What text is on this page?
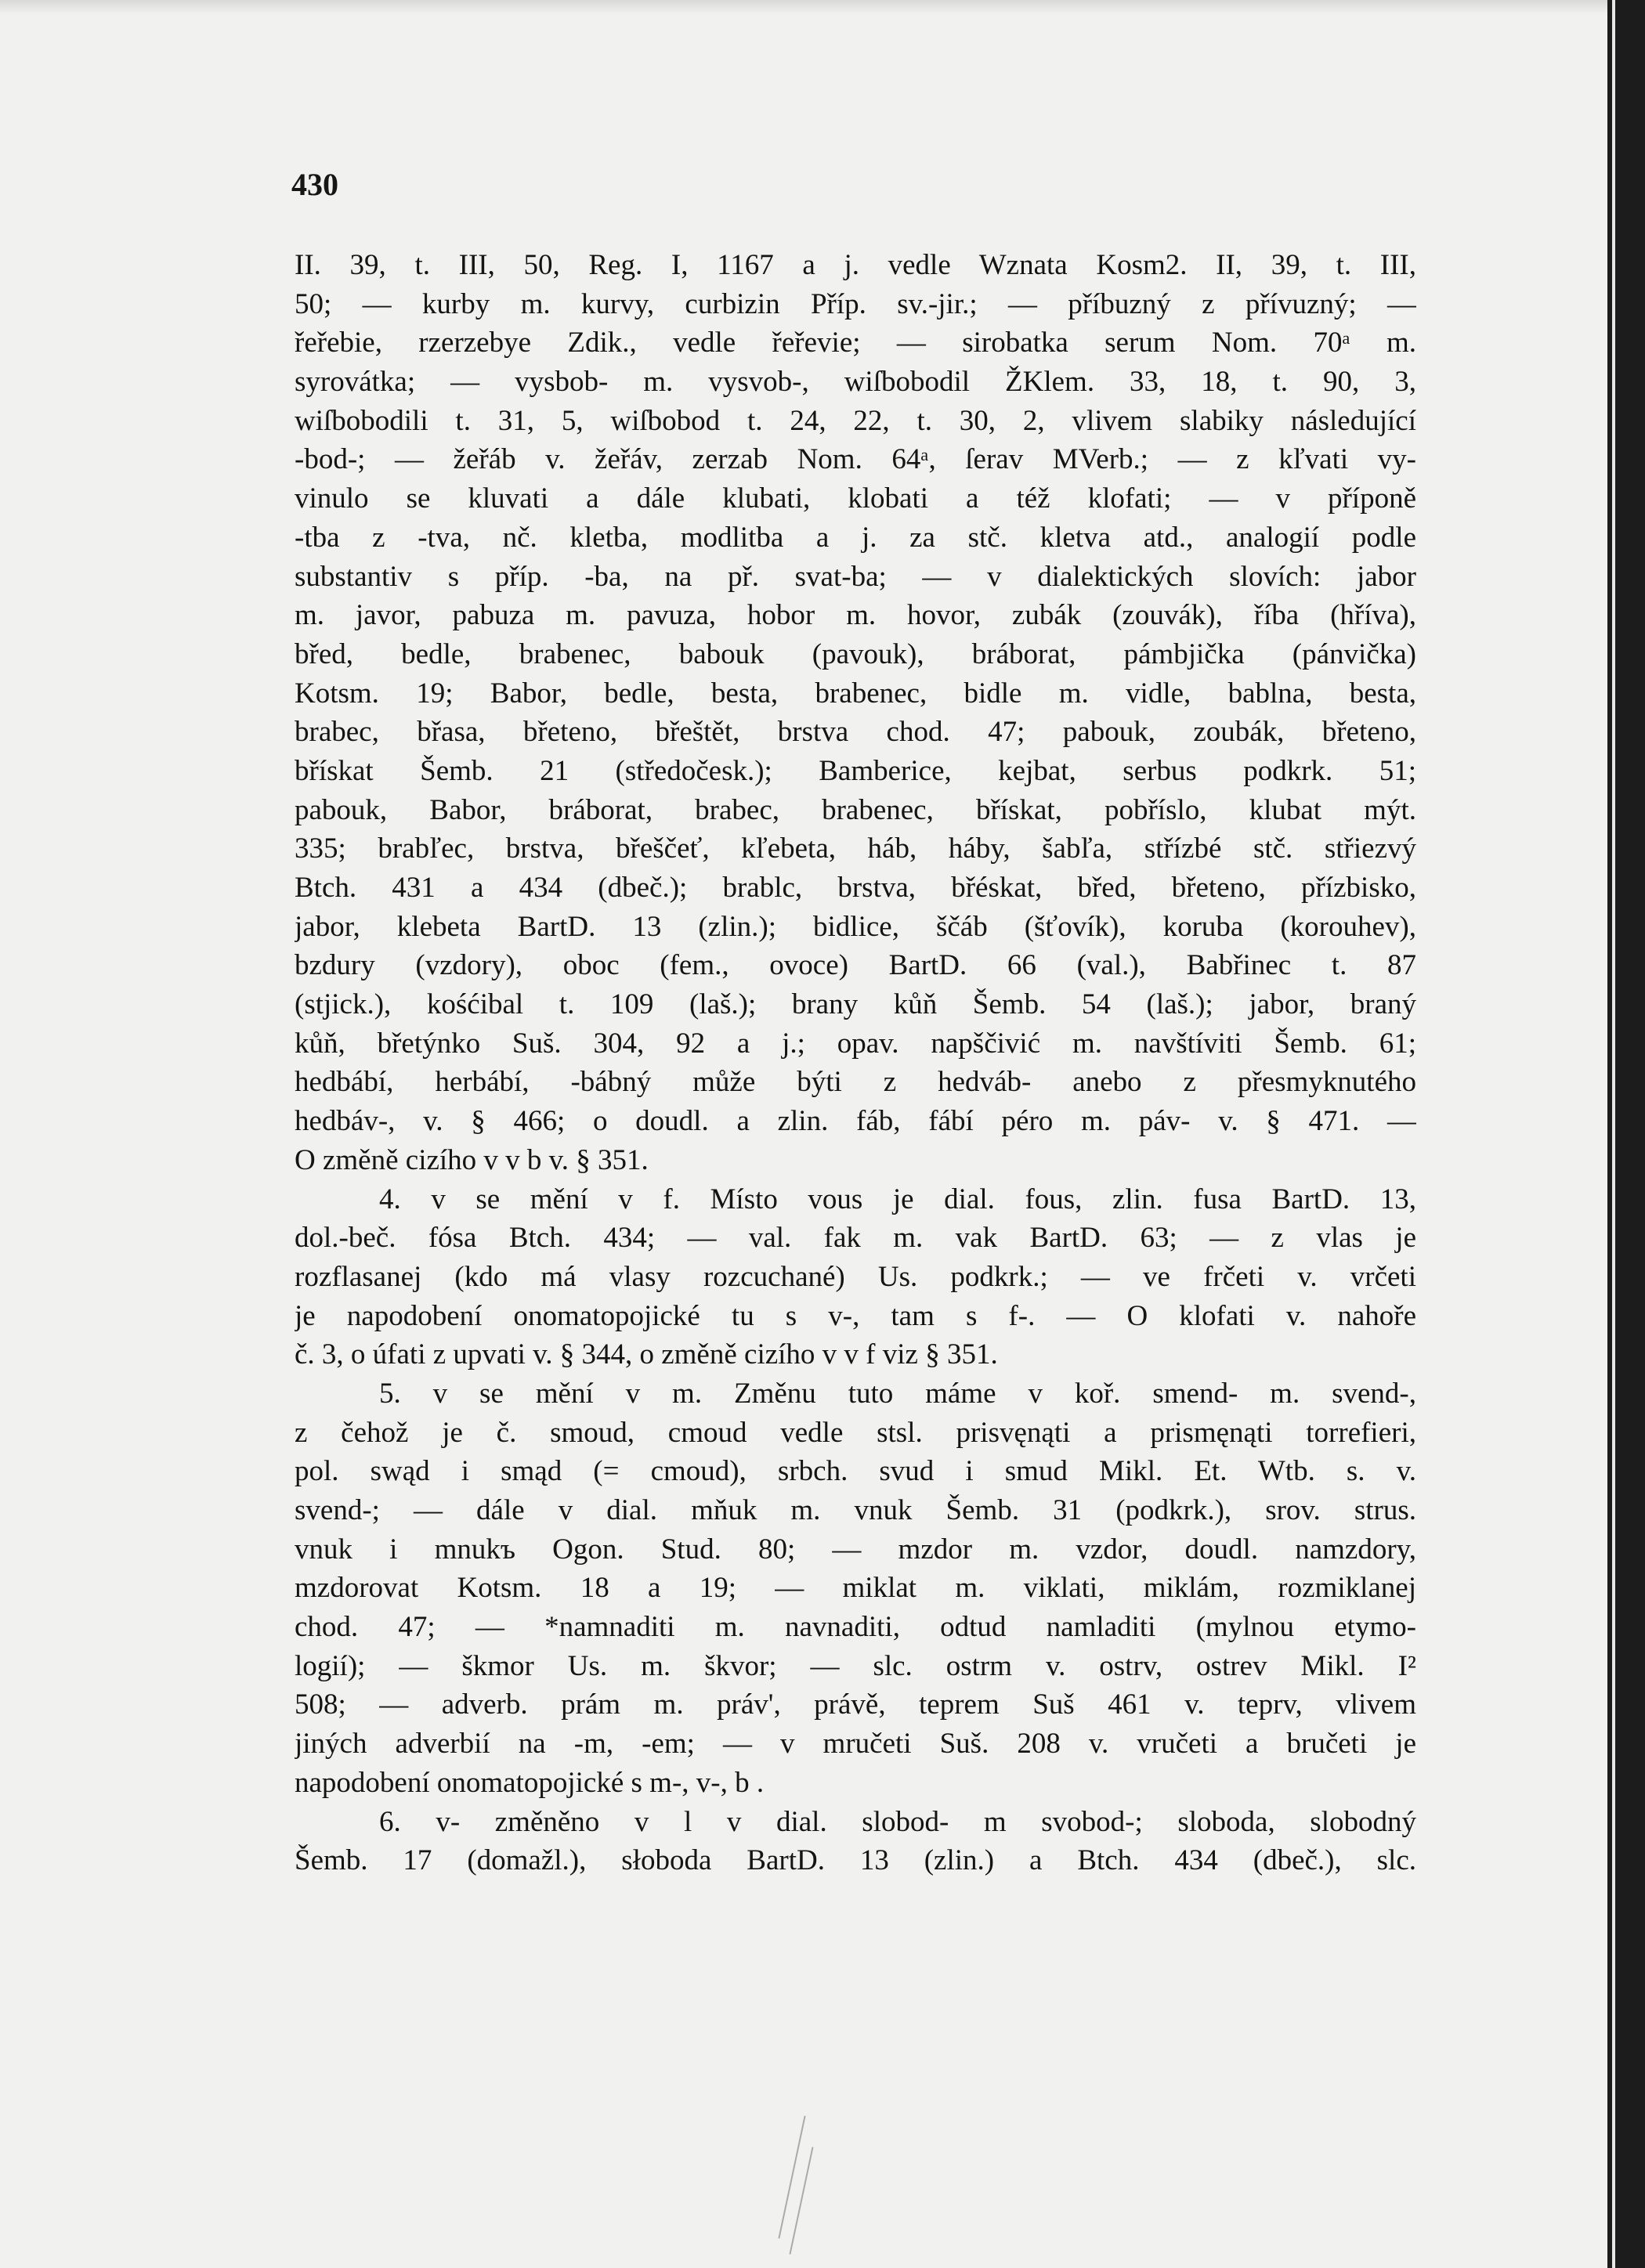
430
II. 39, t. III, 50, Reg. I, 1167 a j. vedle Wznata Kosm2. II, 39, t. III,
50; — kurby m. kurvy, curbizin Příp. sv.-jir.; — příbuzný z přívuzný; —
řeřebie, rzerzebye Zdik., vedle řeřevie; — sirobatka serum Nom. 70ᵃ m.
syrovátka; — vysbob- m. vysvob-, wiſbobodil ŽKlem. 33, 18, t. 90, 3,
wiſbobodili t. 31, 5, wiſbobod t. 24, 22, t. 30, 2, vlivem slabiky následující
-bod-; — žeřáb v. žeřáv, zerzab Nom. 64ᵃ, ſerav MVerb.; — z kľvati vy-
vinulo se kluvati a dále klubati, klobati a též klofati; — v příponě
-tba z -tva, nč. kletba, modlitba a j. za stč. kletva atd., analogií podle
substantiv s příp. -ba, na př. svat-ba; — v dialektických slovích: jabor
m. javor, pabuza m. pavuza, hobor m. hovor, zubák (zouvák), říba (hříva),
břed, bedle, brabenec, babouk (pavouk), bráborat, pámbjička (pánvička)
Kotsm. 19; Babor, bedle, besta, brabenec, bidle m. vidle, bablna, besta,
brabec, břasa, břeteno, břeštět, brstva chod. 47; pabouk, zoubák, břeteno,
břískat Šemb. 21 (středočesk.); Bamberice, kejbat, serbus podkrk. 51;
pabouk, Babor, bráborat, brabec, brabenec, břískat, pobříslo, klubat mýt.
335; brabľec, brstva, břeščeť, kľebeta, háb, háby, šabľa, střízbé stč. střiezvý
Btch. 431 a 434 (dbeč.); brablc, brstva, břéskat, břed, břeteno, přízbisko,
jabor, klebeta BartD. 13 (zlin.); bidlice, ščáb (šťovík), koruba (korouhev),
bzdury (vzdory), oboc (fem., ovoce) BartD. 66 (val.), Babřinec t. 87
(stjick.), kośćibal t. 109 (laš.); brany kůň Šemb. 54 (laš.); jabor, braný
kůň, břetýnko Suš. 304, 92 a j.; opav. napščivić m. navštíviti Šemb. 61;
hedbábí, herbábí, -bábný může býti z hedváb- anebo z přesmyknutého
hedbáv-, v. § 466; o doudl. a zlin. fáb, fábí péro m. páv- v. § 471. —
O změně cizího v v b v. § 351.
4. v se mění v f. Místo vous je dial. fous, zlin. fusa BartD. 13,
dol.-beč. fósa Btch. 434; — val. fak m. vak BartD. 63; — z vlas je
rozflasanej (kdo má vlasy rozcuchané) Us. podkrk.; — ve frčeti v. vrčeti
je napodobení onomatopojické tu s v-, tam s f-. — O klofati v. nahoře
č. 3, o úfati z upvati v. § 344, o změně cizího v v f viz § 351.
5. v se mění v m. Změnu tuto máme v koř. smend- m. svend-,
z čehož je č. smoud, cmoud vedle stsl. prisvęnąti a prismęnąti torrefieri,
pol. swąd i smąd (= cmoud), srbch. svud i smud Mikl. Et. Wtb. s. v.
svend-; — dále v dial. mňuk m. vnuk Šemb. 31 (podkrk.), srov. strus.
vnuk i mnukъ Ogon. Stud. 80; — mzdor m. vzdor, doudl. namzdory,
mzdorovat Kotsm. 18 a 19; — miklat m. viklati, miklám, rozmiklanej
chod. 47; — *namnaditi m. navnaditi, odtud namladiti (mylnou etymo-
logií); — škmor Us. m. škvor; — slc. ostrm v. ostrv, ostrev Mikl. I²
508; — adverb. prám m. práv', právě, teprem Suš 461 v. teprv, vlivem
jiných adverbií na -m, -em; — v mručeti Suš. 208 v. vručeti a bručeti je
napodobení onomatopojické s m-, v-, b .
6. v- změněno v l v dial. slobod- m svobod-; sloboda, slobodný
Šemb. 17 (domažl.), słoboda BartD. 13 (zlin.) a Btch. 434 (dbeč.), slc.
